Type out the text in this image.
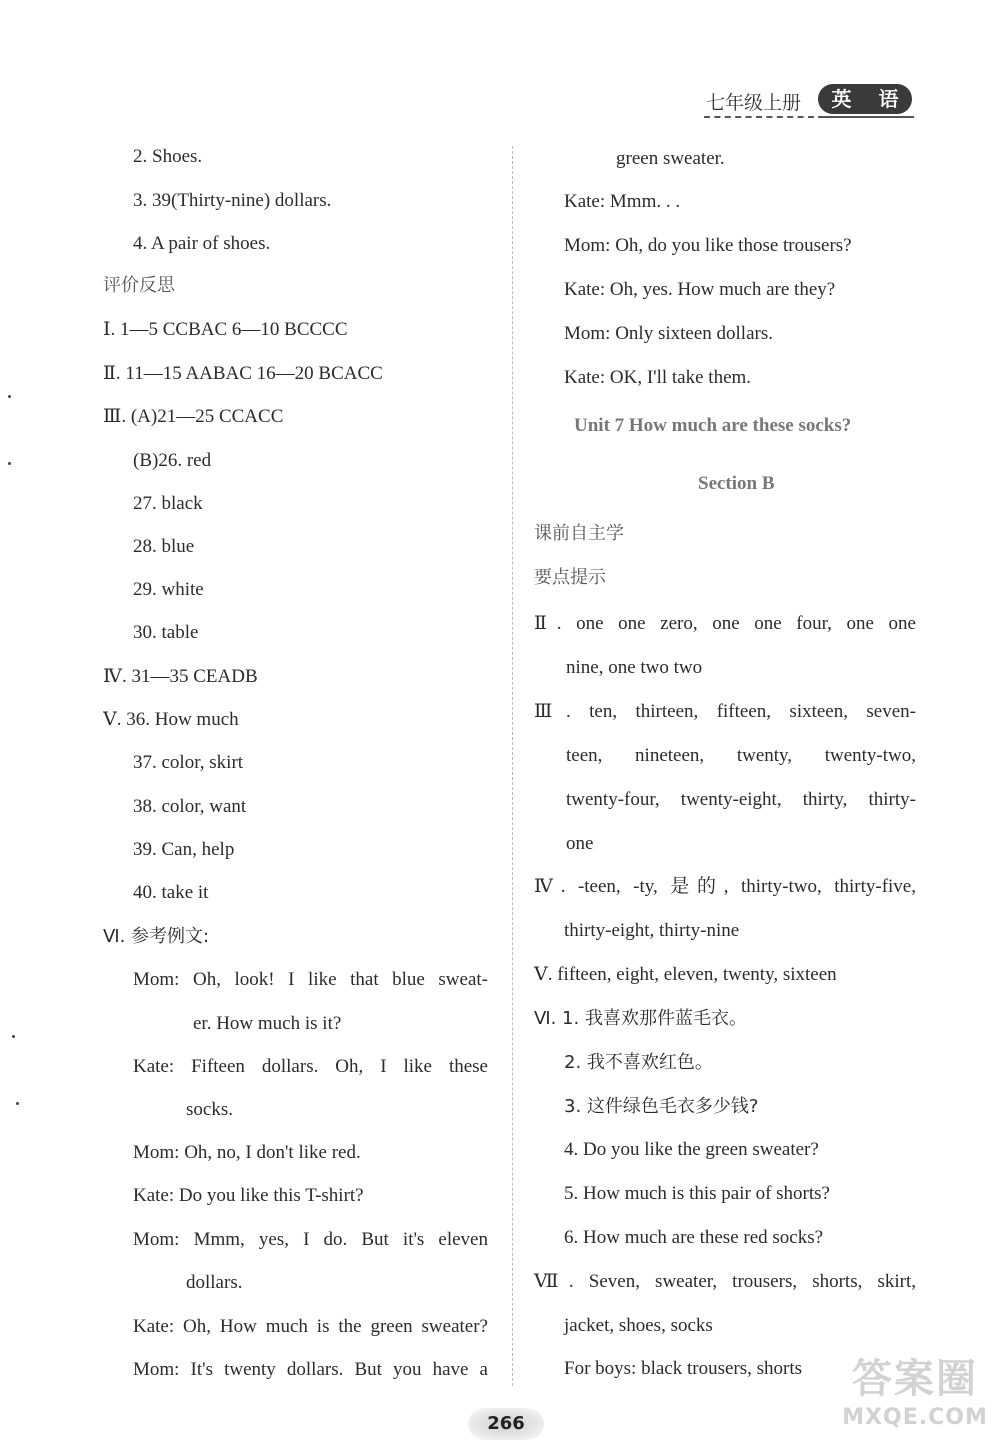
七年级上册	英 语
2. Shoes.
3. 39(Thirty-nine) dollars.
4. A pair of shoes.
评价反思
Ⅰ. 1—5 CCBAC 6—10 BCCCC
Ⅱ. 11—15 AABAC 16—20 BCACC
Ⅲ. (A)21—25 CCACC
(B)26. red
27. black
28. blue
29. white
30. table
Ⅳ. 31—35 CEADB
Ⅴ. 36. How much
37. color, skirt
38. color, want
39. Can, help
40. take it
Ⅵ. 参考例文:
Mom: Oh, look! I like that blue sweat-
er. How much is it?
Kate: Fifteen dollars. Oh, I like these
socks.
Mom: Oh, no, I don't like red.
Kate: Do you like this T-shirt?
Mom: Mmm, yes, I do. But it's eleven
dollars.
Kate: Oh, How much is the green sweater?
Mom: It's twenty dollars. But you have a
green sweater.
Kate: Mmm. . .
Mom: Oh, do you like those trousers?
Kate: Oh, yes. How much are they?
Mom: Only sixteen dollars.
Kate: OK, I'll take them.
Unit 7 How much are these socks?
Section B
课前自主学
要点提示
Ⅱ. one one zero, one one four, one one
nine, one two two
Ⅲ. ten, thirteen, fifteen, sixteen, seven-
teen, nineteen, twenty, twenty-two,
twenty-four, twenty-eight, thirty, thirty-
one
Ⅳ. -teen, -ty, 是的, thirty-two, thirty-five,
thirty-eight, thirty-nine
Ⅴ. fifteen, eight, eleven, twenty, sixteen
Ⅵ. 1. 我喜欢那件蓝毛衣。
2. 我不喜欢红色。
3. 这件绿色毛衣多少钱?
4. Do you like the green sweater?
5. How much is this pair of shorts?
6. How much are these red socks?
Ⅶ. Seven, sweater, trousers, shorts, skirt,
jacket, shoes, socks
For boys: black trousers, shorts
266
答案圈
MXQE.COM
